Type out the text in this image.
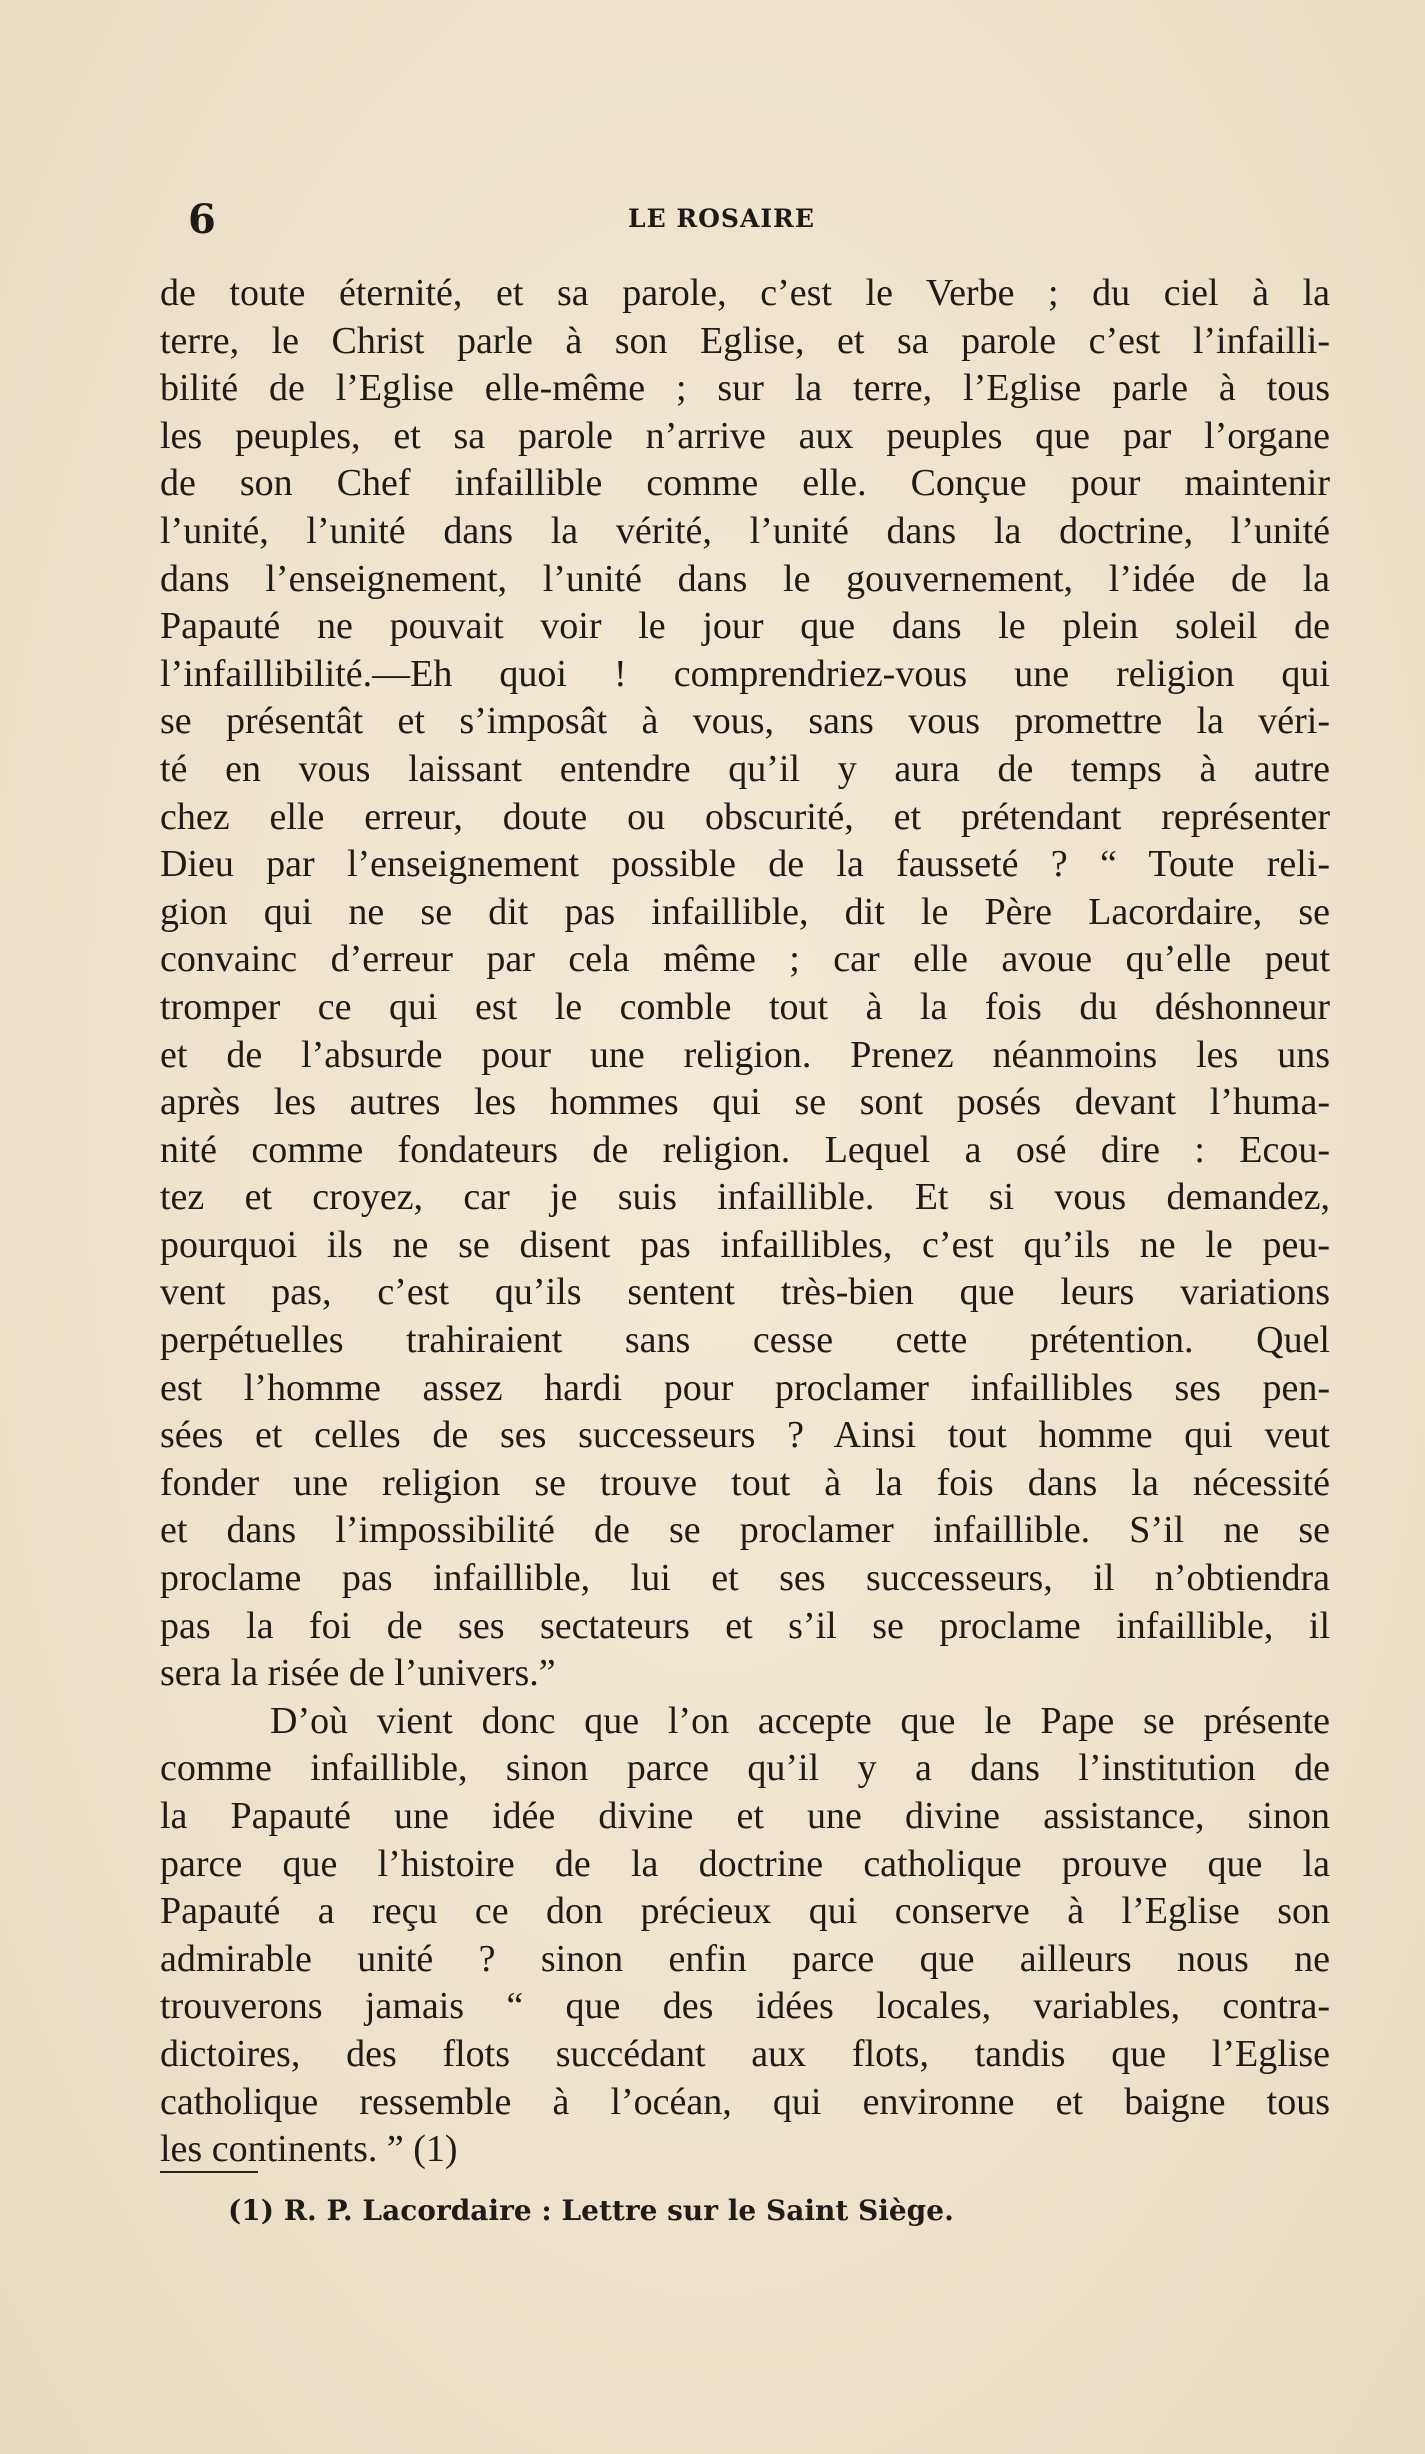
6	LE ROSAIRE
de toute éternité, et sa parole, c’est le Verbe ; du ciel à la
terre, le Christ parle à son Eglise, et sa parole c’est l’infailli-
bilité de l’Eglise elle-même ; sur la terre, l’Eglise parle à tous
les peuples, et sa parole n’arrive aux peuples que par l’organe
de son Chef infaillible comme elle. Conçue pour maintenir
l’unité, l’unité dans la vérité, l’unité dans la doctrine, l’unité
dans l’enseignement, l’unité dans le gouvernement, l’idée de la
Papauté ne pouvait voir le jour que dans le plein soleil de
l’infaillibilité.—Eh quoi ! comprendriez-vous une religion qui
se présentât et s’imposât à vous, sans vous promettre la véri-
té en vous laissant entendre qu’il y aura de temps à autre
chez elle erreur, doute ou obscurité, et prétendant représenter
Dieu par l’enseignement possible de la fausseté ? “ Toute reli-
gion qui ne se dit pas infaillible, dit le Père Lacordaire, se
convainc d’erreur par cela même ; car elle avoue qu’elle peut
tromper ce qui est le comble tout à la fois du déshonneur
et de l’absurde pour une religion. Prenez néanmoins les uns
après les autres les hommes qui se sont posés devant l’huma-
nité comme fondateurs de religion. Lequel a osé dire : Ecou-
tez et croyez, car je suis infaillible. Et si vous demandez,
pourquoi ils ne se disent pas infaillibles, c’est qu’ils ne le peu-
vent pas, c’est qu’ils sentent très-bien que leurs variations
perpétuelles trahiraient sans cesse cette prétention. Quel
est l’homme assez hardi pour proclamer infaillibles ses pen-
sées et celles de ses successeurs ? Ainsi tout homme qui veut
fonder une religion se trouve tout à la fois dans la nécessité
et dans l’impossibilité de se proclamer infaillible. S’il ne se
proclame pas infaillible, lui et ses successeurs, il n’obtiendra
pas la foi de ses sectateurs et s’il se proclame infaillible, il
sera la risée de l’univers.”
D’où vient donc que l’on accepte que le Pape se présente
comme infaillible, sinon parce qu’il y a dans l’institution de
la Papauté une idée divine et une divine assistance, sinon
parce que l’histoire de la doctrine catholique prouve que la
Papauté a reçu ce don précieux qui conserve à l’Eglise son
admirable unité ? sinon enfin parce que ailleurs nous ne
trouverons jamais “ que des idées locales, variables, contra-
dictoires, des flots succédant aux flots, tandis que l’Eglise
catholique ressemble à l’océan, qui environne et baigne tous
les continents. ” (1)
(1) R. P. Lacordaire : Lettre sur le Saint Siège.
